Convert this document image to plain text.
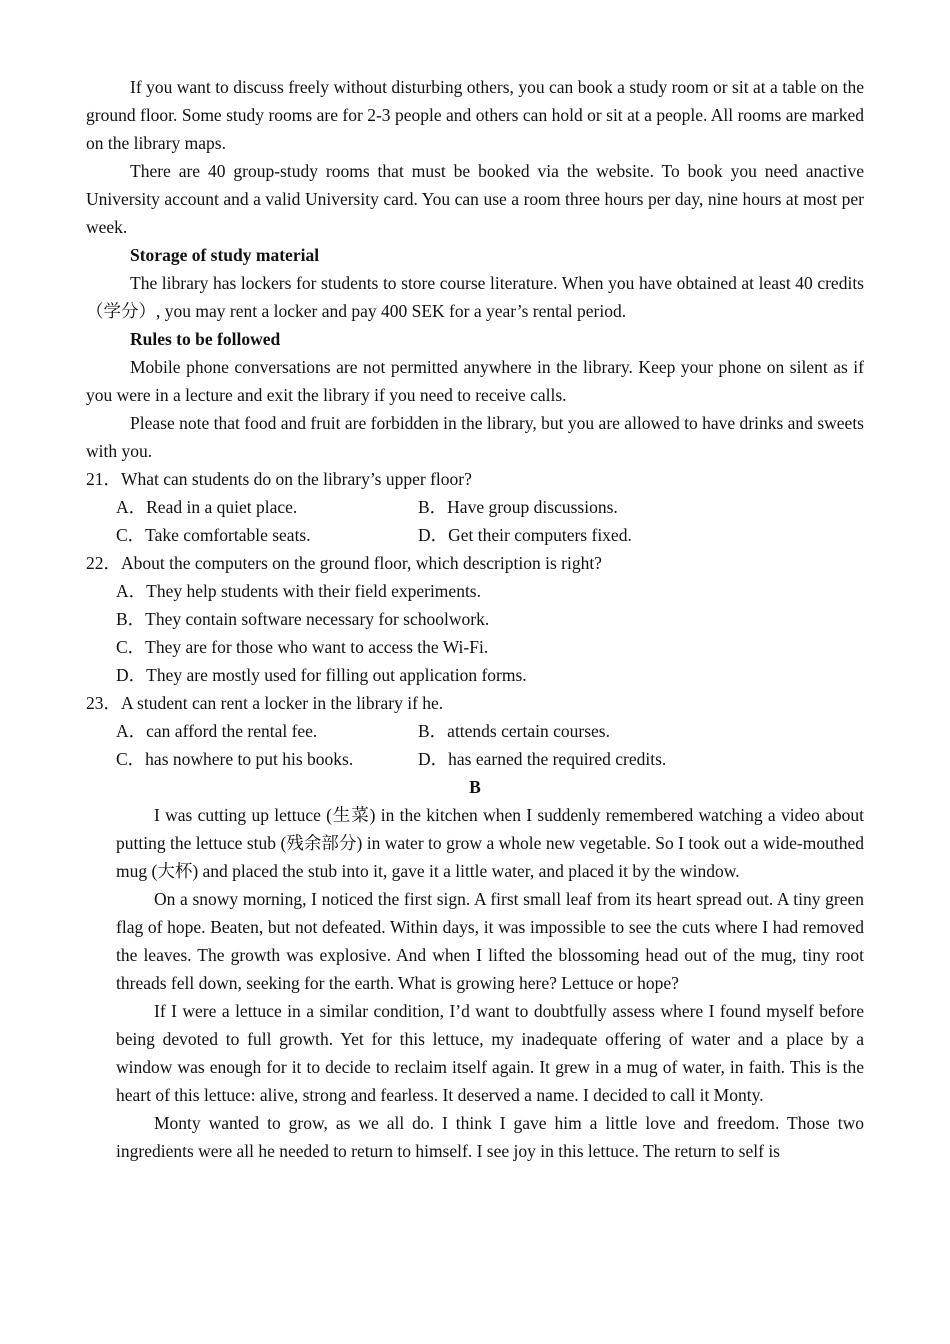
If you want to discuss freely without disturbing others, you can book a study room or sit at a table on the ground floor. Some study rooms are for 2-3 people and others can hold or sit at a people. All rooms are marked on the library maps.

There are 40 group-study rooms that must be booked via the website. To book you need anactive University account and a valid University card. You can use a room three hours per day, nine hours at most per week.

Storage of study material

The library has lockers for students to store course literature. When you have obtained at least 40 credits（学分）, you may rent a locker and pay 400 SEK for a year’s rental period.

Rules to be followed

Mobile phone conversations are not permitted anywhere in the library. Keep your phone on silent as if you were in a lecture and exit the library if you need to receive calls.

Please note that food and fruit are forbidden in the library, but you are allowed to have drinks and sweets with you.

21．What can students do on the library’s upper floor?

A．Read in a quiet place.	B．Have group discussions.
C．Take comfortable seats.	D．Get their computers fixed.

22．About the computers on the ground floor, which description is right?

A．They help students with their field experiments.

B．They contain software necessary for schoolwork.

C．They are for those who want to access the Wi-Fi.

D．They are mostly used for filling out application forms.

23．A student can rent a locker in the library if he.

A．can afford the rental fee.	B．attends certain courses.
C．has nowhere to put his books.	D．has earned the required credits.

B

I was cutting up lettuce (生菜) in the kitchen when I suddenly remembered watching a video about putting the lettuce stub (残余部分) in water to grow a whole new vegetable. So I took out a wide-mouthed mug (大杯) and placed the stub into it, gave it a little water, and placed it by the window.

On a snowy morning, I noticed the first sign. A first small leaf from its heart spread out. A tiny green flag of hope. Beaten, but not defeated. Within days, it was impossible to see the cuts where I had removed the leaves. The growth was explosive. And when I lifted the blossoming head out of the mug, tiny root threads fell down, seeking for the earth. What is growing here? Lettuce or hope?

If I were a lettuce in a similar condition, I’d want to doubtfully assess where I found myself before being devoted to full growth. Yet for this lettuce, my inadequate offering of water and a place by a window was enough for it to decide to reclaim itself again. It grew in a mug of water, in faith. This is the heart of this lettuce: alive, strong and fearless. It deserved a name. I decided to call it Monty.

Monty wanted to grow, as we all do. I think I gave him a little love and freedom. Those two ingredients were all he needed to return to himself. I see joy in this lettuce. The return to self is
